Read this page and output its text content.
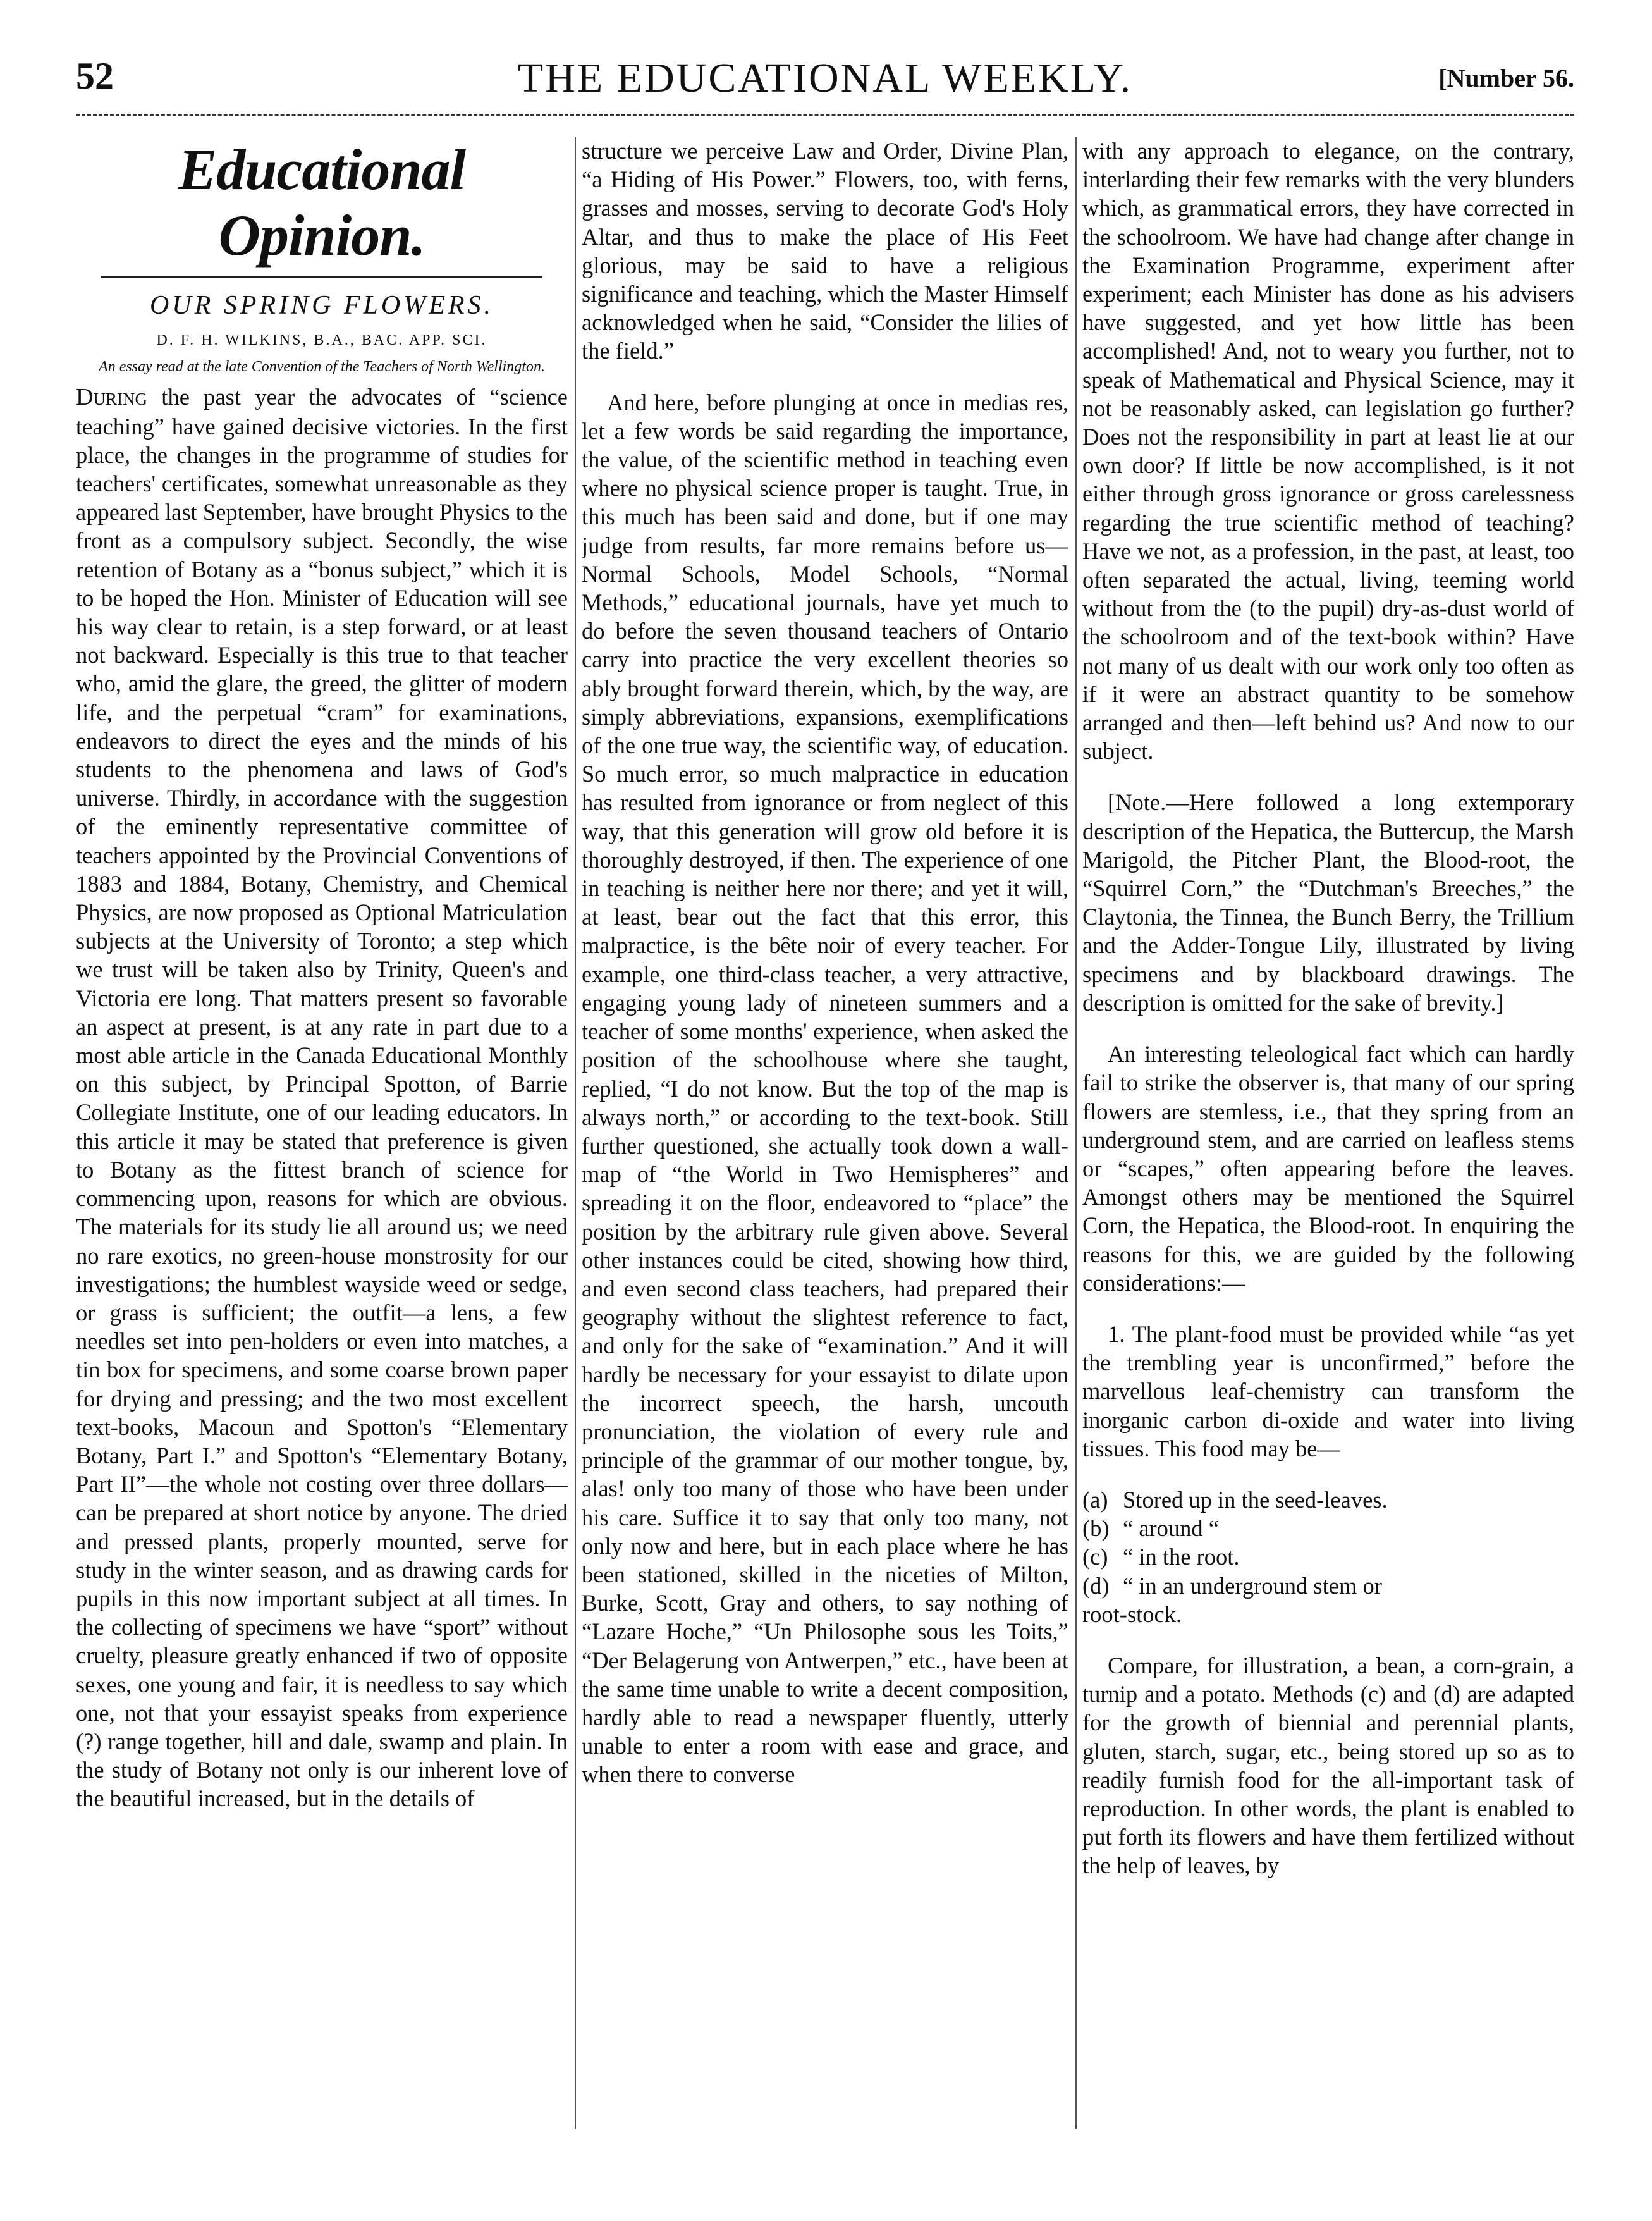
52	THE EDUCATIONAL WEEKLY.	[Number 56.
Educational Opinion.
OUR SPRING FLOWERS.
D. F. H. WILKINS, B.A., BAC. APP. SCI.
An essay read at the late Convention of the Teachers of North Wellington.

During the past year the advocates of “science teaching” have gained decisive victories. In the first place, the changes in the programme of studies for teachers' certificates, somewhat unreasonable as they appeared last September, have brought Physics to the front as a compulsory subject. Secondly, the wise retention of Botany as a “bonus subject,” which it is to be hoped the Hon. Minister of Education will see his way clear to retain, is a step forward, or at least not backward. Especially is this true to that teacher who, amid the glare, the greed, the glitter of modern life, and the perpetual “cram” for examinations, endeavors to direct the eyes and the minds of his students to the phenomena and laws of God's universe. Thirdly, in accordance with the suggestion of the eminently representative committee of teachers appointed by the Provincial Conventions of 1883 and 1884, Botany, Chemistry, and Chemical Physics, are now proposed as Optional Matriculation subjects at the University of Toronto; a step which we trust will be taken also by Trinity, Queen's and Victoria ere long. That matters present so favorable an aspect at present, is at any rate in part due to a most able article in the Canada Educational Monthly on this subject, by Principal Spotton, of Barrie Collegiate Institute, one of our leading educators. In this article it may be stated that preference is given to Botany as the fittest branch of science for commencing upon, reasons for which are obvious. The materials for its study lie all around us; we need no rare exotics, no green-house monstrosity for our investigations; the humblest wayside weed or sedge, or grass is sufficient; the outfit—a lens, a few needles set into pen-holders or even into matches, a tin box for specimens, and some coarse brown paper for drying and pressing; and the two most excellent text-books, Macoun and Spotton's “Elementary Botany, Part I.” and Spotton's “Elementary Botany, Part II”—the whole not costing over three dollars—can be prepared at short notice by anyone. The dried and pressed plants, properly mounted, serve for study in the winter season, and as drawing cards for pupils in this now important subject at all times. In the collecting of specimens we have “sport” without cruelty, pleasure greatly enhanced if two of opposite sexes, one young and fair, it is needless to say which one, not that your essayist speaks from experience (?) range together, hill and dale, swamp and plain. In the study of Botany not only is our inherent love of the beautiful increased, but in the details of

structure we perceive Law and Order, Divine Plan, “a Hiding of His Power.” Flowers, too, with ferns, grasses and mosses, serving to decorate God's Holy Altar, and thus to make the place of His Feet glorious, may be said to have a religious significance and teaching, which the Master Himself acknowledged when he said, “Consider the lilies of the field.”

And here, before plunging at once in medias res, let a few words be said regarding the importance, the value, of the scientific method in teaching even where no physical science proper is taught. True, in this much has been said and done, but if one may judge from results, far more remains before us—Normal Schools, Model Schools, “Normal Methods,” educational journals, have yet much to do before the seven thousand teachers of Ontario carry into practice the very excellent theories so ably brought forward therein, which, by the way, are simply abbreviations, expansions, exemplifications of the one true way, the scientific way, of education. So much error, so much malpractice in education has resulted from ignorance or from neglect of this way, that this generation will grow old before it is thoroughly destroyed, if then. The experience of one in teaching is neither here nor there; and yet it will, at least, bear out the fact that this error, this malpractice, is the bête noir of every teacher. For example, one third-class teacher, a very attractive, engaging young lady of nineteen summers and a teacher of some months' experience, when asked the position of the schoolhouse where she taught, replied, “I do not know. But the top of the map is always north,” or according to the text-book. Still further questioned, she actually took down a wall-map of “the World in Two Hemispheres” and spreading it on the floor, endeavored to “place” the position by the arbitrary rule given above. Several other instances could be cited, showing how third, and even second class teachers, had prepared their geography without the slightest reference to fact, and only for the sake of “examination.” And it will hardly be necessary for your essayist to dilate upon the incorrect speech, the harsh, uncouth pronunciation, the violation of every rule and principle of the grammar of our mother tongue, by, alas! only too many of those who have been under his care. Suffice it to say that only too many, not only now and here, but in each place where he has been stationed, skilled in the niceties of Milton, Burke, Scott, Gray and others, to say nothing of “Lazare Hoche,” “Un Philosophe sous les Toits,” “Der Belagerung von Antwerpen,” etc., have been at the same time unable to write a decent composition, hardly able to read a newspaper fluently, utterly unable to enter a room with ease and grace, and when there to converse

with any approach to elegance, on the contrary, interlarding their few remarks with the very blunders which, as grammatical errors, they have corrected in the schoolroom. We have had change after change in the Examination Programme, experiment after experiment; each Minister has done as his advisers have suggested, and yet how little has been accomplished! And, not to weary you further, not to speak of Mathematical and Physical Science, may it not be reasonably asked, can legislation go further? Does not the responsibility in part at least lie at our own door? If little be now accomplished, is it not either through gross ignorance or gross carelessness regarding the true scientific method of teaching? Have we not, as a profession, in the past, at least, too often separated the actual, living, teeming world without from the (to the pupil) dry-as-dust world of the schoolroom and of the text-book within? Have not many of us dealt with our work only too often as if it were an abstract quantity to be somehow arranged and then—left behind us? And now to our subject.

[Note.—Here followed a long extemporary description of the Hepatica, the Buttercup, the Marsh Marigold, the Pitcher Plant, the Blood-root, the “Squirrel Corn,” the “Dutchman's Breeches,” the Claytonia, the Tinnea, the Bunch Berry, the Trillium and the Adder-Tongue Lily, illustrated by living specimens and by blackboard drawings. The description is omitted for the sake of brevity.]

An interesting teleological fact which can hardly fail to strike the observer is, that many of our spring flowers are stemless, i.e., that they spring from an underground stem, and are carried on leafless stems or “scapes,” often appearing before the leaves. Amongst others may be mentioned the Squirrel Corn, the Hepatica, the Blood-root. In enquiring the reasons for this, we are guided by the following considerations:—

1. The plant-food must be provided while “as yet the trembling year is unconfirmed,” before the marvellous leaf-chemistry can transform the inorganic carbon di-oxide and water into living tissues. This food may be—

(a) Stored up in the seed-leaves.
(b) “ around “
(c) “ in the root.
(d) “ in an underground stem or
root-stock.

Compare, for illustration, a bean, a corn-grain, a turnip and a potato. Methods (c) and (d) are adapted for the growth of biennial and perennial plants, gluten, starch, sugar, etc., being stored up so as to readily furnish food for the all-important task of reproduction. In other words, the plant is enabled to put forth its flowers and have them fertilized without the help of leaves, by
